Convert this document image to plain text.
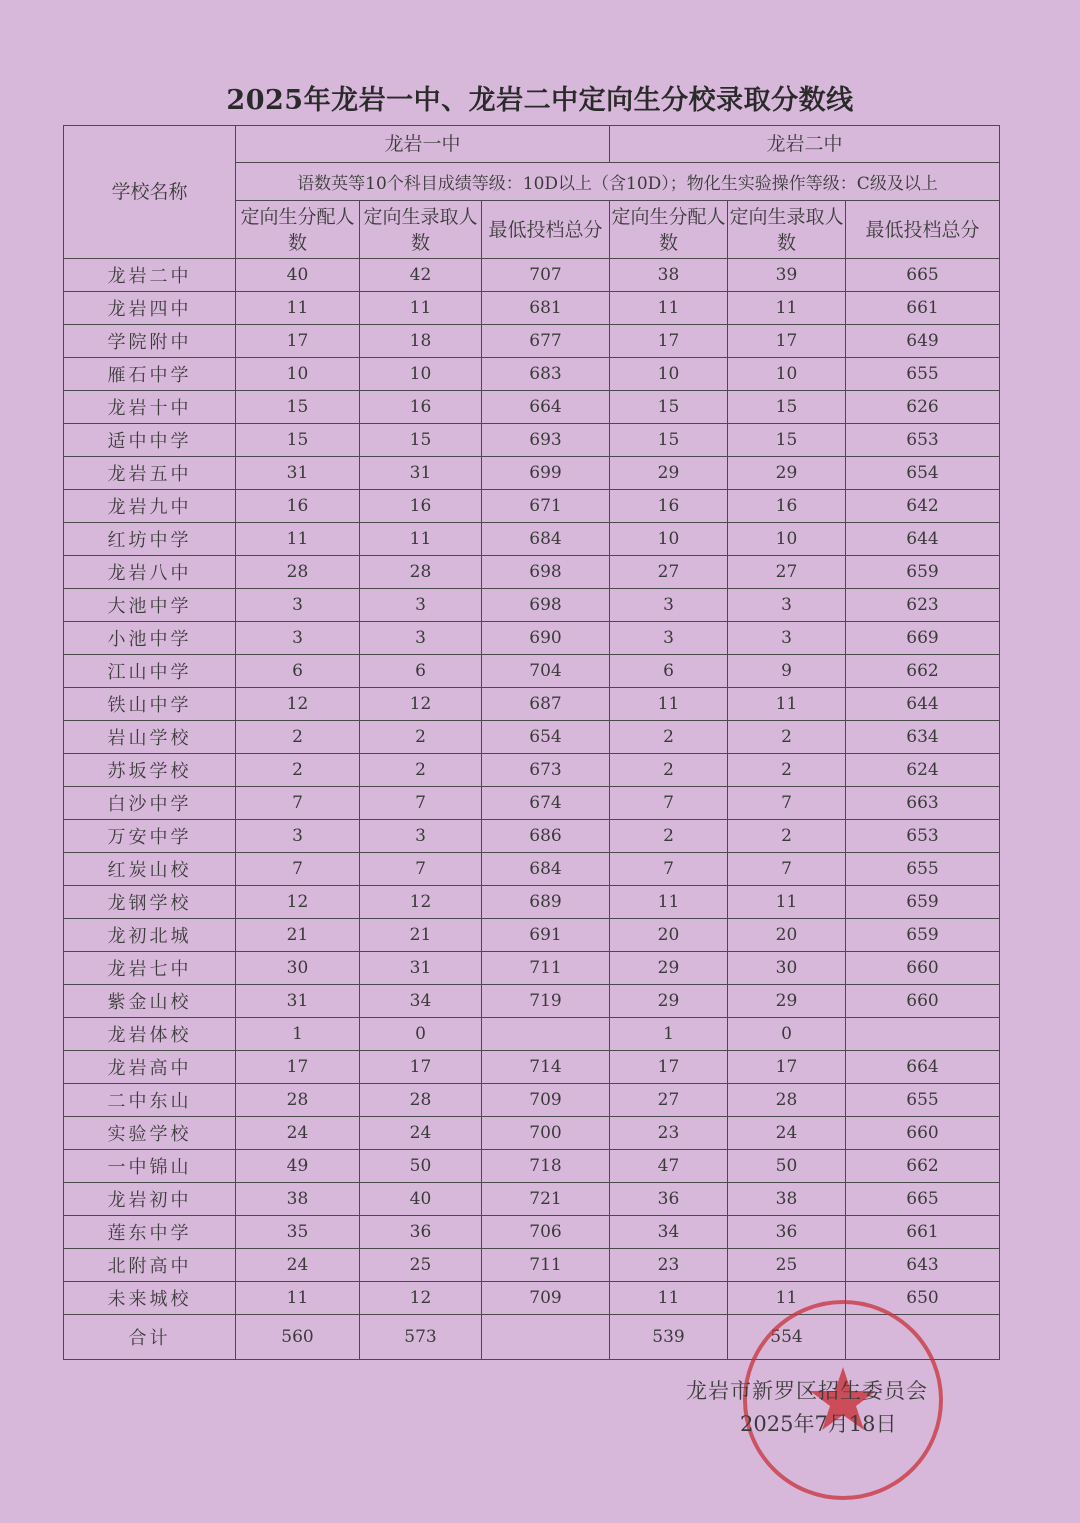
2025年龙岩一中、龙岩二中定向生分校录取分数线
学校名称	龙岩一中			龙岩二中		
	语数英等10个科目成绩等级：10D以上（含10D）；物化生实验操作等级：C级及以上					
	定向生分配人数	定向生录取人数	最低投档总分	定向生分配人数	定向生录取人数	最低投档总分
龙岩二中	40	42	707	38	39	665
龙岩四中	11	11	681	11	11	661
学院附中	17	18	677	17	17	649
雁石中学	10	10	683	10	10	655
龙岩十中	15	16	664	15	15	626
适中中学	15	15	693	15	15	653
龙岩五中	31	31	699	29	29	654
龙岩九中	16	16	671	16	16	642
红坊中学	11	11	684	10	10	644
龙岩八中	28	28	698	27	27	659
大池中学	3	3	698	3	3	623
小池中学	3	3	690	3	3	669
江山中学	6	6	704	6	9	662
铁山中学	12	12	687	11	11	644
岩山学校	2	2	654	2	2	634
苏坂学校	2	2	673	2	2	624
白沙中学	7	7	674	7	7	663
万安中学	3	3	686	2	2	653
红炭山校	7	7	684	7	7	655
龙钢学校	12	12	689	11	11	659
龙初北城	21	21	691	20	20	659
龙岩七中	30	31	711	29	30	660
紫金山校	31	34	719	29	29	660
龙岩体校	1	0		1	0	
龙岩高中	17	17	714	17	17	664
二中东山	28	28	709	27	28	655
实验学校	24	24	700	23	24	660
一中锦山	49	50	718	47	50	662
龙岩初中	38	40	721	36	38	665
莲东中学	35	36	706	34	36	661
北附高中	24	25	711	23	25	643
未来城校	11	12	709	11	11	650
合计	560	573		539	554	
龙岩市新罗区招生委员会
2025年7月18日
